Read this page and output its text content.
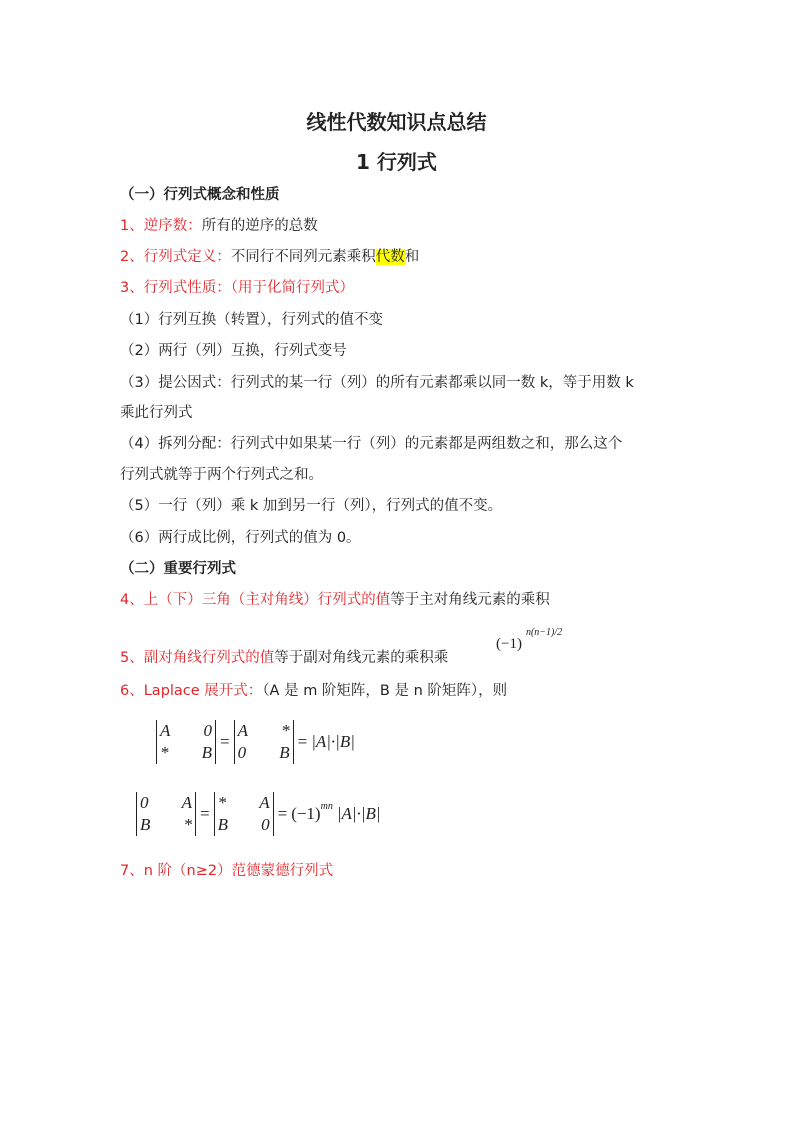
线性代数知识点总结
1 行列式
（一）行列式概念和性质
1、逆序数：所有的逆序的总数
2、行列式定义：不同行不同列元素乘积代数和
3、行列式性质：（用于化简行列式）
（1）行列互换（转置），行列式的值不变
（2）两行（列）互换，行列式变号
（3）提公因式：行列式的某一行（列）的所有元素都乘以同一数 k，等于用数 k
乘此行列式
（4）拆列分配：行列式中如果某一行（列）的元素都是两组数之和，那么这个
行列式就等于两个行列式之和。
（5）一行（列）乘 k 加到另一行（列），行列式的值不变。
（6）两行成比例，行列式的值为 0。
（二）重要行列式
4、上（下）三角（主对角线）行列式的值等于主对角线元素的乘积
5、副对角线行列式的值等于副对角线元素的乘积乘
(−1)
$^{n(n-1)/2}$
6、Laplace 展开式：（A 是 m 阶矩阵，B 是 n 阶矩阵），则
A	0
*	B
=
A	*
0	B
= |A|·|B|
0	A
B	*
=
*	A
B	0
= $(-1)^{mn}$ |A|·|B|
7、n 阶（n≥2）范德蒙德行列式
